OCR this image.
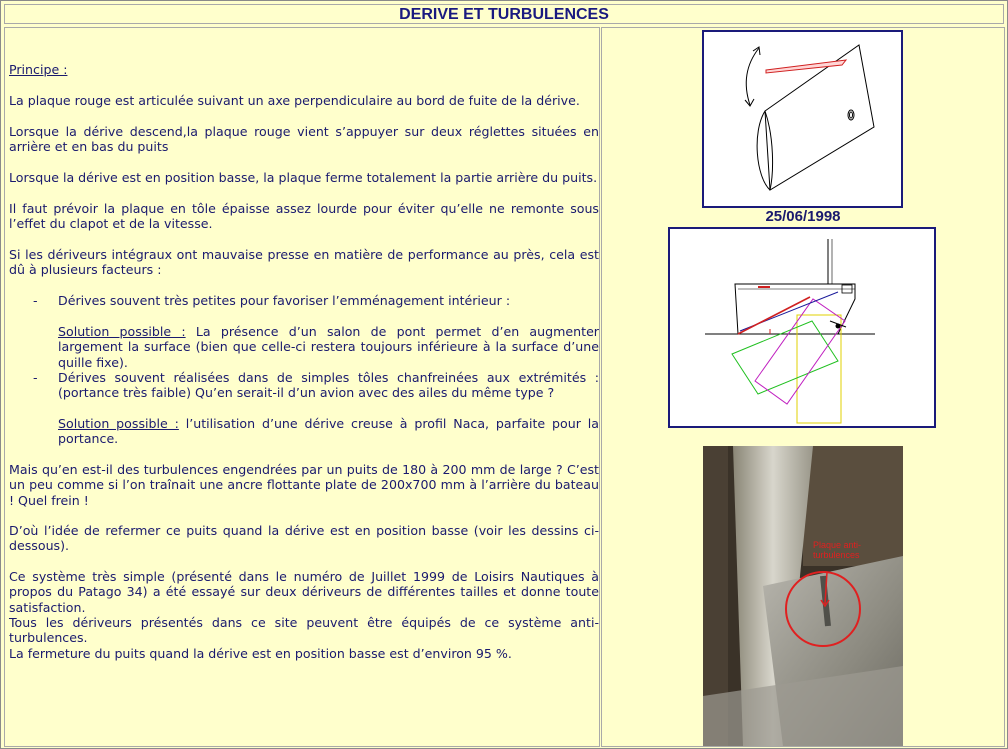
DERIVE ET TURBULENCES
Principe :
La plaque rouge est articulée suivant un axe perpendiculaire au bord de fuite de la dérive.
Lorsque la dérive descend,la plaque rouge vient s’appuyer sur deux réglettes situées en arrière et en bas du puits
Lorsque la dérive est en position basse, la plaque ferme totalement la partie arrière du puits.
Il faut prévoir la plaque en tôle épaisse assez lourde pour éviter qu’elle ne remonte sous l’effet du clapot et de la vitesse.
Si les dériveurs intégraux ont mauvaise presse en matière de performance au près, cela est dû à plusieurs facteurs :
- Dérives souvent très petites pour favoriser l’emménagement intérieur :
Solution possible : La présence d’un salon de pont permet d’en augmenter largement la surface (bien que celle-ci restera toujours inférieure à la surface d’une quille fixe).
- Dérives souvent réalisées dans de simples tôles chanfreinées aux extrémités : (portance très faible) Qu’en serait-il d’un avion avec des ailes du même type ?
Solution possible : l’utilisation d’une dérive creuse à profil Naca, parfaite pour la portance.
Mais qu’en est-il des turbulences engendrées par un puits de 180 à 200 mm de large ? C’est un peu comme si l’on traînait une ancre flottante plate de 200x700 mm à l’arrière du bateau ! Quel frein !
D’où l’idée de refermer ce puits quand la dérive est en position basse (voir les dessins ci-dessous).
Ce système très simple (présenté dans le numéro de Juillet 1999 de Loisirs Nautiques à propos du Patago 34) a été essayé sur deux dériveurs de différentes tailles et donne toute satisfaction.
Tous les dériveurs présentés dans ce site peuvent être équipés de ce système anti-turbulences.
La fermeture du puits quand la dérive est en position basse est d’environ 95 %.
25/06/1998
Plaque anti-turbulences
